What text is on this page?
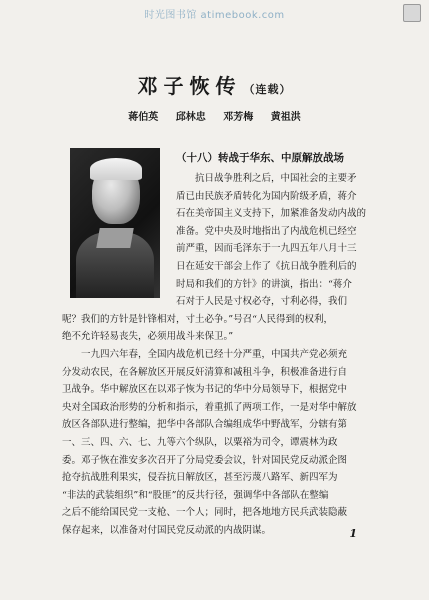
时光图书馆 atimebook.com
邓子恢传 （连载）
蒋伯英 邱林忠 邓芳梅 黄祖洪
（十八）转战于华东、中原解放战场
　　抗日战争胜利之后，中国社会的主要矛
盾已由民族矛盾转化为国内阶级矛盾，蒋介
石在美帝国主义支持下，加紧准备发动内战的
准备。党中央及时地指出了内战危机已经空
前严重，因而毛泽东于一九四五年八月十三
日在延安干部会上作了《抗日战争胜利后的
时局和我们的方针》的讲演，指出：“蒋介
石对于人民是寸权必夺，寸利必得，我们
呢？我们的方针是针锋相对，寸土必争。”号召“人民得到的权利，
绝不允许轻易丧失，必须用战斗来保卫。”
　　一九四六年春，全国内战危机已经十分严重，中国共产党必须充
分发动农民，在各解放区开展反奸清算和减租斗争，积极准备进行自
卫战争。华中解放区在以邓子恢为书记的华中分局领导下，根据党中
央对全国政治形势的分析和指示，着重抓了两项工作，一是对华中解放
放区各部队进行整编，把华中各部队合编组成华中野战军，分辖有第
一、三、四、六、七、九等六个纵队，以粟裕为司令，谭震林为政
委。邓子恢在淮安多次召开了分局党委会议，针对国民党反动派企图
抢夺抗战胜利果实，侵吞抗日解放区，甚至污蔑八路军、新四军为
“非法的武装组织”和“股匪”的反共行径，强调华中各部队在整编
之后不能给国民党一支枪、一个人；同时，把各地地方民兵武装隐蔽
保存起来，以准备对付国民党反动派的内战阴谋。	1
